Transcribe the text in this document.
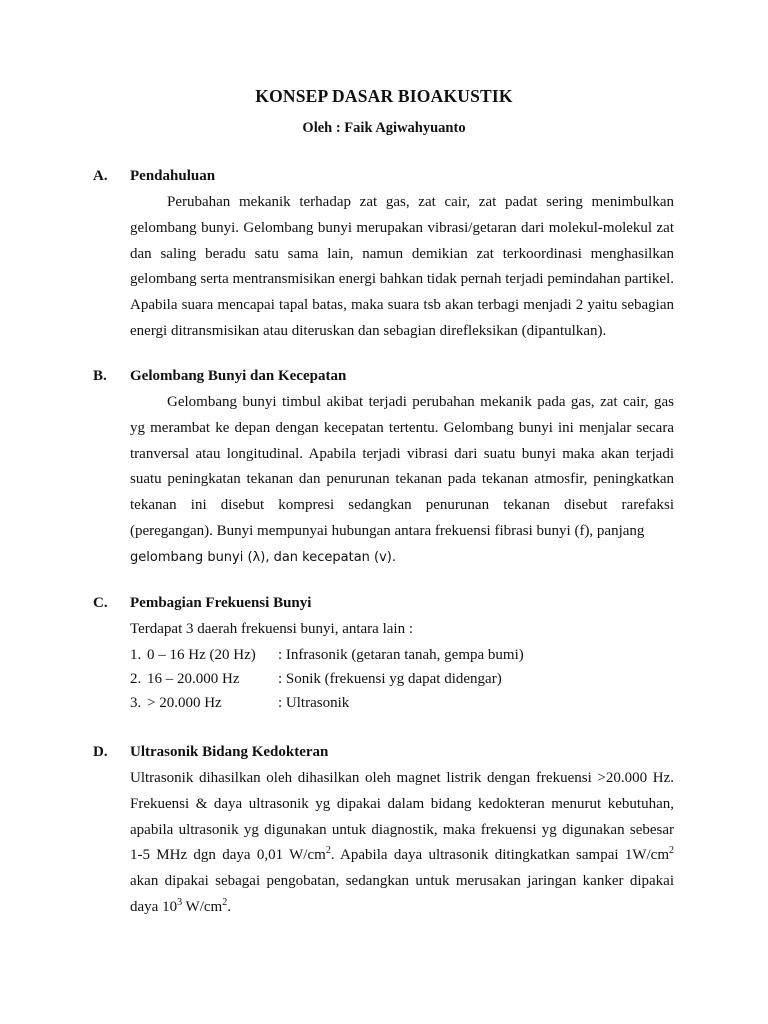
KONSEP DASAR BIOAKUSTIK
Oleh : Faik Agiwahyuanto
A. Pendahuluan

Perubahan mekanik terhadap zat gas, zat cair, zat padat sering menimbulkan gelombang bunyi. Gelombang bunyi merupakan vibrasi/getaran dari molekul-molekul zat dan saling beradu satu sama lain, namun demikian zat terkoordinasi menghasilkan gelombang serta mentransmisikan energi bahkan tidak pernah terjadi pemindahan partikel. Apabila suara mencapai tapal batas, maka suara tsb akan terbagi menjadi 2 yaitu sebagian energi ditransmisikan atau diteruskan dan sebagian direfleksikan (dipantulkan).

B. Gelombang Bunyi dan Kecepatan

Gelombang bunyi timbul akibat terjadi perubahan mekanik pada gas, zat cair, gas yg merambat ke depan dengan kecepatan tertentu. Gelombang bunyi ini menjalar secara tranversal atau longitudinal. Apabila terjadi vibrasi dari suatu bunyi maka akan terjadi suatu peningkatan tekanan dan penurunan tekanan pada tekanan atmosfir, peningkatkan tekanan ini disebut kompresi sedangkan penurunan tekanan disebut rarefaksi (peregangan). Bunyi mempunyai hubungan antara frekuensi fibrasi bunyi (f), panjang

gelombang bunyi (λ), dan kecepatan (v).

C. Pembagian Frekuensi Bunyi
Terdapat 3 daerah frekuensi bunyi, antara lain :
1. 0 – 16 Hz (20 Hz) : Infrasonik (getaran tanah, gempa bumi)
2. 16 – 20.000 Hz	: Sonik (frekuensi yg dapat didengar)
3. > 20.000 Hz	: Ultrasonik
D. Ultrasonik Bidang Kedokteran

Ultrasonik dihasilkan oleh dihasilkan oleh magnet listrik dengan frekuensi >20.000 Hz. Frekuensi & daya ultrasonik yg dipakai dalam bidang kedokteran menurut kebutuhan, apabila ultrasonik yg digunakan untuk diagnostik, maka frekuensi yg digunakan sebesar 1-5 MHz dgn daya 0,01 $W/cm^2$. Apabila daya ultrasonik ditingkatkan sampai $1W/cm^2$ akan dipakai sebagai pengobatan, sedangkan untuk merusakan jaringan kanker dipakai daya $10^3$ $W/cm^2$.
